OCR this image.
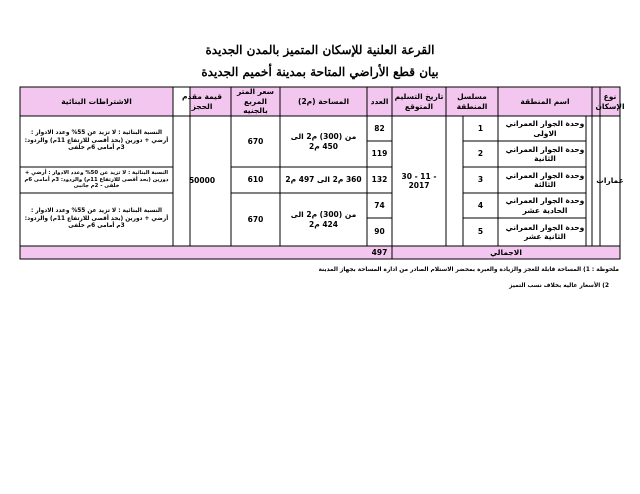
القرعة العلنية للإسكان المتميز بالمدن الجديدة
بيان قطع الأراضي المتاحة بمدينة أخميم الجديدة
نوع الإسكان
اسم المنطقة
مسلسل المنطقة
تاريخ التسليم المتوقع
العدد
المساحة (م2)
سعر المتر المربع بالجنيه
قيمة مقدم الحجز
الاشتراطات البنائية
عمارات
30 - 11 - 2017
50000
وحدة الجوار العمراني الاولى
1
82
وحدة الجوار العمراني الثانية
2
119
وحدة الجوار العمراني الثالثة
3
132
وحدة الجوار العمراني الحادية عشر
4
74
وحدة الجوار العمراني الثانية عشر
5
90
من (300) م2 الى 450 م2
670
النسبة البنائية : لا تزيد عن 55% وعدد الادوار : أرضي + دورين (بحد أقصى للارتفاع 11م) والردود: 3م أمامى 6م خلفى
360 م2 الى 497 م2
610
النسبة البنائية : لا تزيد عن 50% وعدد الادوار : أرضي + دورين (بحد أقصى للارتفاع 11م) والردود: 3م أمامى 6م خلفى - 2م جانبى
من (300) م2 الى 424 م2
670
النسبة البنائية : لا تزيد عن 55% وعدد الادوار : أرضي + دورين (بحد أقصى للارتفاع 11م) والردود: 3م أمامى 6م خلفى
الاجمالي
497
ملحوظة : 1) المساحة قابلة للعجز والزيادة والعبرة بمحضر الاستلام الصادر من ادارة المساحة بجهاز المدينة
2) الأسعار عاليه بخلاف نسب التميز
